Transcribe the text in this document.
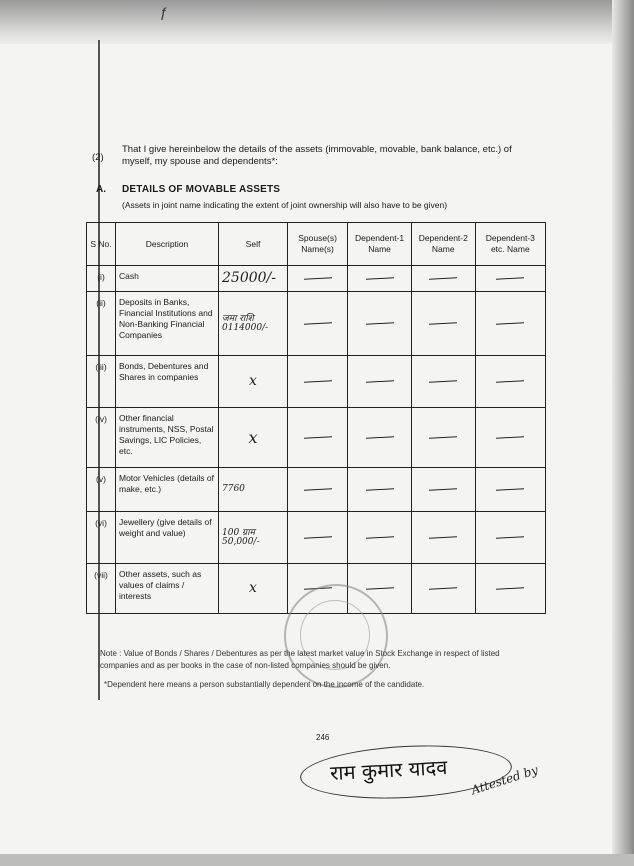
ƒ
(2)
That I give hereinbelow the details of the assets (immovable, movable, bank balance, etc.) of myself, my spouse and dependents*:
A. DETAILS OF MOVABLE ASSETS
(Assets in joint name indicating the extent of joint ownership will also have to be given)
S No.	Description	Self	Spouse(s) Name(s)	Dependent-1 Name	Dependent-2 Name	Dependent-3 etc. Name
(i)	Cash	25000/-	

(ii)	Deposits in Banks, Financial Institutions and Non-Banking Financial Companies	जमा राशि 0114000/-	

(iii)	Bonds, Debentures and Shares in companies	x	

(iv)	Other financial instruments, NSS, Postal Savings, LIC Policies, etc.	x	

(v)	Motor Vehicles (details of make, etc.)	7760	

(vi)	Jewellery (give details of weight and value)	100 ग्राम 50,000/-	

(vii)	Other assets, such as values of claims / interests	x	

Note : Value of Bonds / Shares / Debentures as per the latest market value in Stock Exchange in respect of listed companies and as per books in the case of non-listed companies should be given.
*Dependent here means a person substantially dependent on the income of the candidate.
246
राम कुमार यादव Attested by
